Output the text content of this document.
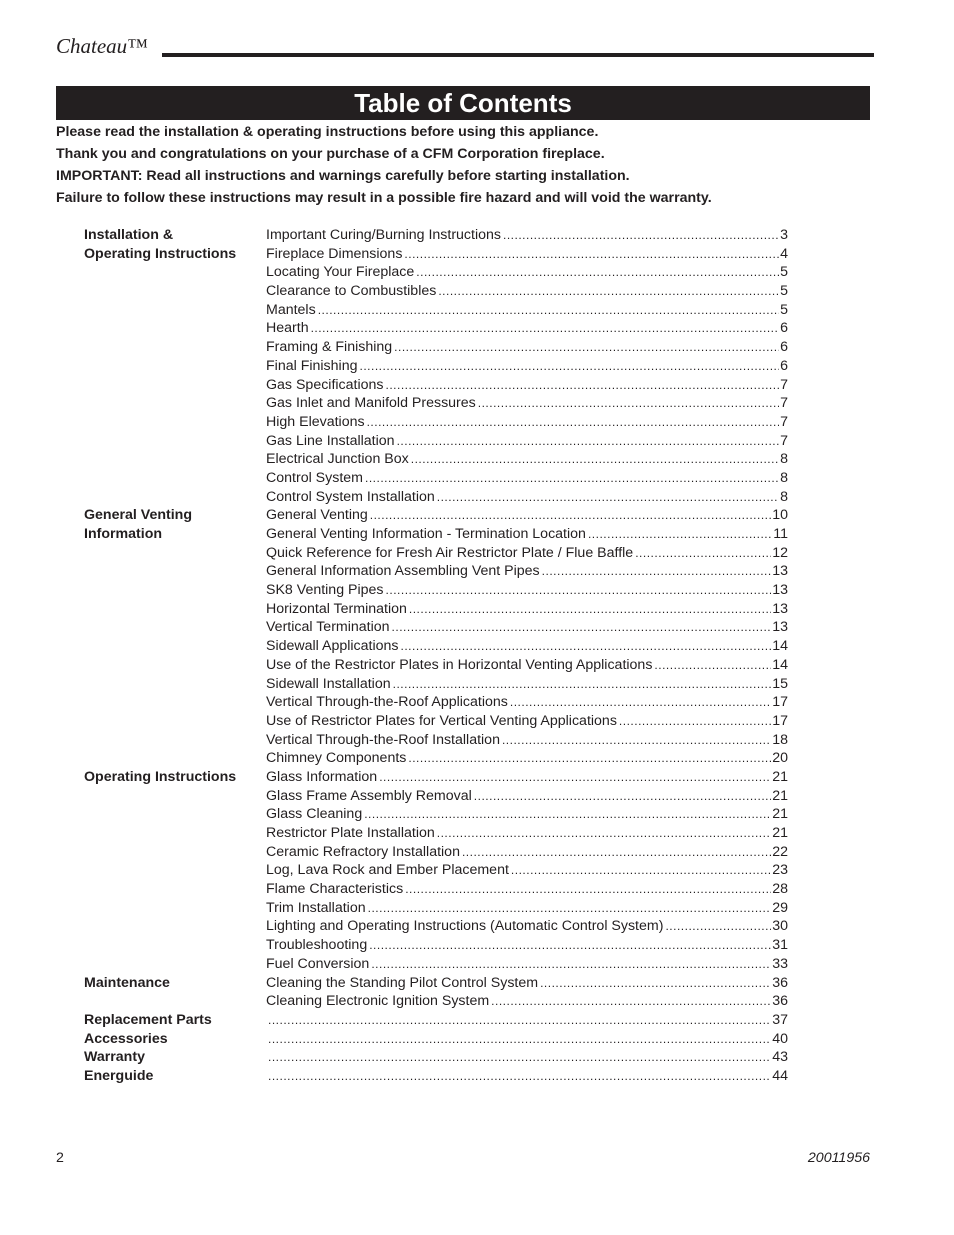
Chateau™
Table of Contents
Please read the installation & operating instructions before using this appliance.
Thank you and congratulations on your purchase of a CFM Corporation fireplace.
IMPORTANT: Read all instructions and warnings carefully before starting installation.
Failure to follow these instructions may result in a possible fire hazard and will void the warranty.
Installation &	Important Curing/Burning Instructions .....	3
Operating Instructions	Fireplace Dimensions .....	4
Locating Your Fireplace .....	5
Clearance to Combustibles .....	5
Mantels .....	5
Hearth .....	6
Framing & Finishing .....	6
Final Finishing .....	6
Gas Specifications .....	7
Gas Inlet and Manifold Pressures .....	7
High Elevations .....	7
Gas Line Installation .....	7
Electrical Junction Box .....	8
Control System .....	8
Control System Installation .....	8
General Venting	General Venting .....	10
Information	General Venting Information - Termination Location .....	11
Quick Reference for Fresh Air Restrictor Plate / Flue Baffle .....	12
General Information Assembling Vent Pipes .....	13
SK8 Venting Pipes .....	13
Horizontal Termination .....	13
Vertical Termination .....	13
Sidewall Applications .....	14
Use of the Restrictor Plates in Horizontal Venting Applications .....	14
Sidewall Installation .....	15
Vertical Through-the-Roof Applications .....	17
Use of Restrictor Plates for Vertical Venting Applications .....	17
Vertical Through-the-Roof Installation .....	18
Chimney Components .....	20
Operating Instructions	Glass Information .....	21
Glass Frame Assembly Removal .....	21
Glass Cleaning .....	21
Restrictor Plate Installation .....	21
Ceramic Refractory Installation .....	22
Log, Lava Rock and Ember Placement .....	23
Flame Characteristics .....	28
Trim Installation .....	29
Lighting and Operating Instructions (Automatic Control System) .....	30
Troubleshooting .....	31
Fuel Conversion .....	33
Maintenance	Cleaning the Standing Pilot Control System .....	36
Cleaning Electronic Ignition System .....	36
Replacement Parts .....	37
Accessories .....	40
Warranty .....	43
Energuide .....	44
2	20011956
